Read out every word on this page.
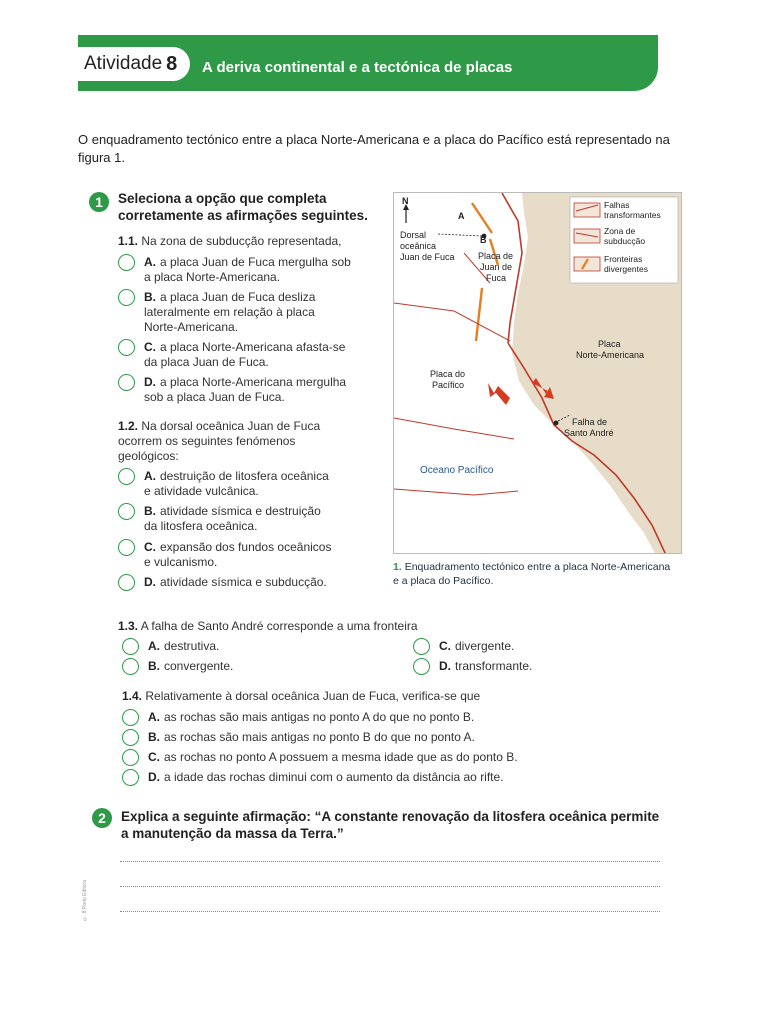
Atividade 8 A deriva continental e a tectónica de placas
O enquadramento tectónico entre a placa Norte-Americana e a placa do Pacífico está representado na figura 1.
1	Seleciona a opção que completa
corretamente as afirmações seguintes.
1.1. Na zona de subducção representada,
A. a placa Juan de Fuca mergulha sob
a placa Norte-Americana.
B. a placa Juan de Fuca desliza
lateralmente em relação à placa
Norte-Americana.
C. a placa Norte-Americana afasta-se
da placa Juan de Fuca.
D. a placa Norte-Americana mergulha
sob a placa Juan de Fuca.
1.2. Na dorsal oceânica Juan de Fuca
ocorrem os seguintes fenómenos
geológicos:
A. destruição de litosfera oceânica
e atividade vulcânica.
B. atividade sísmica e destruição
da litosfera oceânica.
C. expansão dos fundos oceânicos
e vulcanismo.
D. atividade sísmica e subducção.
N
A
B
Dorsal
oceânica
Juan de Fuca	Placa de
Juan de
Fuca
Placa
Norte-Americana
Placa do
Pacífico
Falha de
Santo André
Oceano Pacífico
Falhas
transformantes
Zona de
subducção
Fronteiras
divergentes
1. Enquadramento tectónico entre a placa Norte-Americana
e a placa do Pacífico.
1.3. A falha de Santo André corresponde a uma fronteira
A. destrutiva.
B. convergente.
C. divergente.
D. transformante.
1.4. Relativamente à dorsal oceânica Juan de Fuca, verifica-se que
A. as rochas são mais antigas no ponto A do que no ponto B.
B. as rochas são mais antigas no ponto B do que no ponto A.
C. as rochas no ponto A possuem a mesma idade que as do ponto B.
D. a idade das rochas diminui com o aumento da distância ao rifte.
2	Explica a seguinte afirmação: “A constante renovação da litosfera oceânica permite
a manutenção da massa da Terra.”
© 8 Porto Editora
